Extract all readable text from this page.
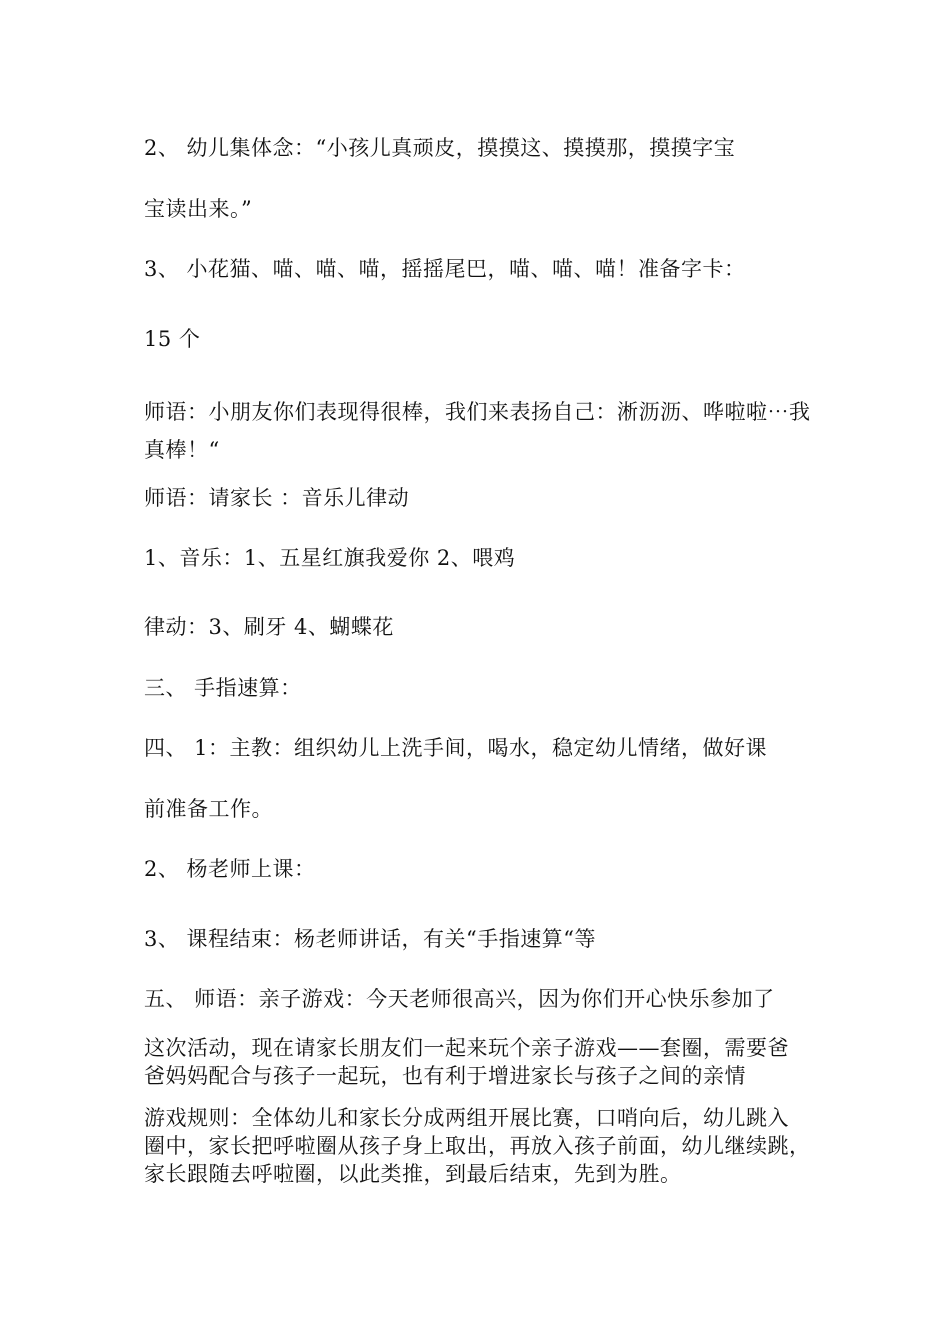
2、 幼儿集体念：“小孩儿真顽皮，摸摸这、摸摸那，摸摸字宝
宝读出来。”
3、 小花猫、喵、喵、喵，摇摇尾巴，喵、喵、喵！准备字卡：
15 个
师语：小朋友你们表现得很棒，我们来表扬自己：淅沥沥、哗啦啦⋯我
真棒！“
师语：请家长 ：音乐儿律动
1、音乐：1、五星红旗我爱你 2、喂鸡
律动：3、刷牙 4、蝴蝶花
三、 手指速算：
四、 1：主教：组织幼儿上洗手间，喝水，稳定幼儿情绪，做好课
前准备工作。
2、 杨老师上课：
3、 课程结束：杨老师讲话，有关“手指速算“等
五、 师语：亲子游戏：今天老师很高兴，因为你们开心快乐参加了
这次活动，现在请家长朋友们一起来玩个亲子游戏——套圈，需要爸
爸妈妈配合与孩子一起玩，也有利于增进家长与孩子之间的亲情
游戏规则：全体幼儿和家长分成两组开展比赛，口哨向后，幼儿跳入
圈中，家长把呼啦圈从孩子身上取出，再放入孩子前面，幼儿继续跳，
家长跟随去呼啦圈，以此类推，到最后结束，先到为胜。
